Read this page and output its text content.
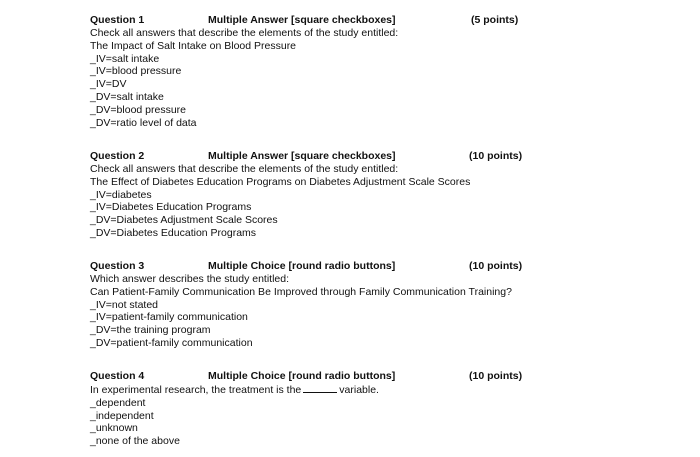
Question 1	Multiple Answer [square checkboxes]	(5 points)
Check all answers that describe the elements of the study entitled:
The Impact of Salt Intake on Blood Pressure
_IV=salt intake
_IV=blood pressure
_IV=DV
_DV=salt intake
_DV=blood pressure
_DV=ratio level of data
Question 2	Multiple Answer [square checkboxes]	(10 points)
Check all answers that describe the elements of the study entitled:
The Effect of Diabetes Education Programs on Diabetes Adjustment Scale Scores
_IV=diabetes
_IV=Diabetes Education Programs
_DV=Diabetes Adjustment Scale Scores
_DV=Diabetes Education Programs
Question 3	Multiple Choice [round radio buttons]	(10 points)
Which answer describes the study entitled:
Can Patient-Family Communication Be Improved through Family Communication Training?
_IV=not stated
_IV=patient-family communication
_DV=the training program
_DV=patient-family communication
Question 4	Multiple Choice [round radio buttons]	(10 points)
In experimental research, the treatment is the	variable.
_dependent
_independent
_unknown
_none of the above
